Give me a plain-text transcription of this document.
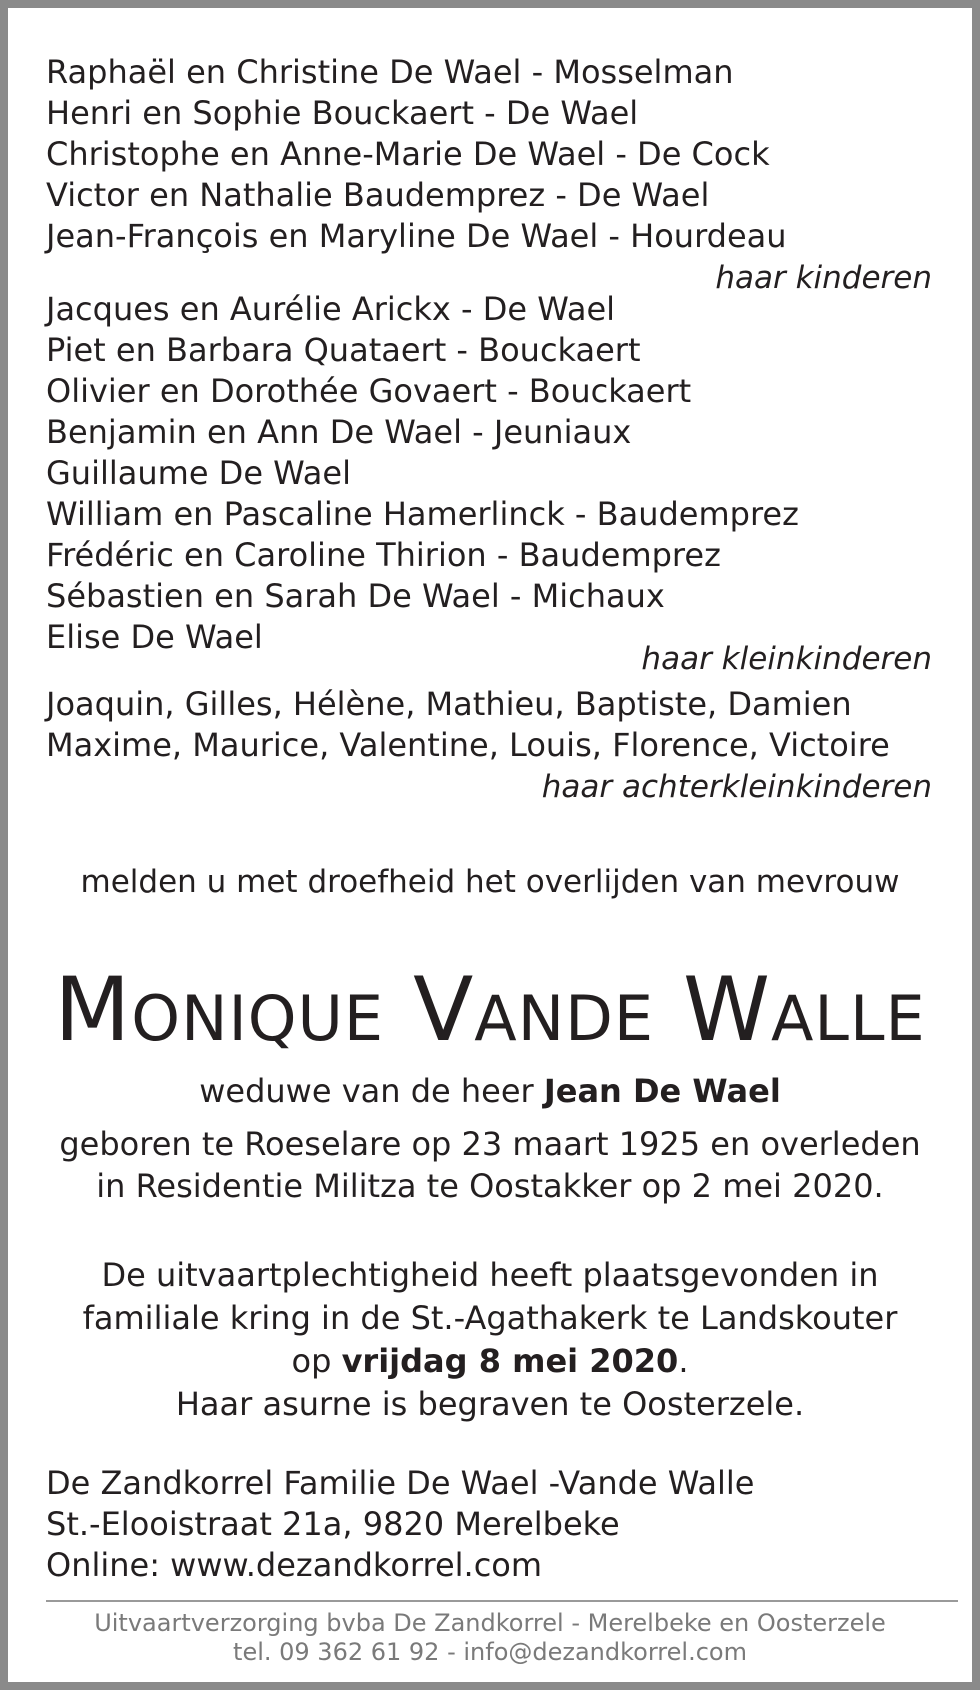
Raphaël en Christine De Wael - Mosselman

Henri en Sophie Bouckaert - De Wael

Christophe en Anne-Marie De Wael - De Cock

Victor en Nathalie Baudemprez - De Wael

Jean-François en Maryline De Wael - Hourdeau

haar kinderen

Jacques en Aurélie Arickx - De Wael

Piet en Barbara Quataert - Bouckaert

Olivier en Dorothée Govaert - Bouckaert

Benjamin en Ann De Wael - Jeuniaux

Guillaume De Wael

William en Pascaline Hamerlinck - Baudemprez

Frédéric en Caroline Thirion - Baudemprez

Sébastien en Sarah De Wael - Michaux

Elise De Wael

haar kleinkinderen

Joaquin, Gilles, Hélène, Mathieu, Baptiste, Damien

Maxime, Maurice, Valentine, Louis, Florence, Victoire

haar achterkleinkinderen

melden u met droefheid het overlijden van mevrouw

MONIQUE VANDE WALLE

weduwe van de heer Jean De Wael

geboren te Roeselare op 23 maart 1925 en overleden

in Residentie Militza te Oostakker op 2 mei 2020.

De uitvaartplechtigheid heeft plaatsgevonden in

familiale kring in de St.-Agathakerk te Landskouter

op vrijdag 8 mei 2020.

Haar asurne is begraven te Oosterzele.

De Zandkorrel Familie De Wael -Vande Walle

St.-Elooistraat 21a, 9820 Merelbeke

Online: www.dezandkorrel.com

Uitvaartverzorging bvba De Zandkorrel - Merelbeke en Oosterzele

tel. 09 362 61 92 - info@dezandkorrel.com
